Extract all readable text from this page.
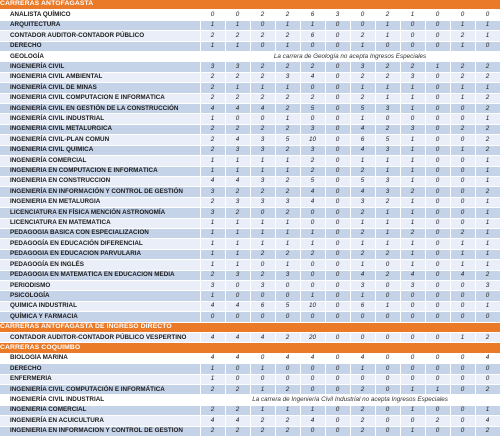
CARRERAS ANTOFAGASTA												
ANALISTA QUÍMICO	0	0	2	2	6	3	0	2	1	0	0	0
ARQUITECTURA	1	1	0	1	1	0	0	1	0	0	1	1
CONTADOR AUDITOR-CONTADOR PÚBLICO	2	2	2	2	6	0	2	1	0	0	2	1
DERECHO	1	1	0	1	0	0	1	0	0	0	1	0
GEOLOGÍA	La carrera de Geología no acepta Ingresos Especiales											
INGENIERÍA CIVIL	3	3	2	2	2	0	3	2	2	1	2	2
INGENIERÍA CIVIL AMBIENTAL	2	2	2	3	4	0	2	2	3	0	2	2
INGENIERÍA CIVIL DE MINAS	2	1	1	1	0	0	1	1	1	0	1	1
INGENIERÍA CIVIL COMPUTACIÓN E INFORMÁTICA	2	2	2	2	2	0	2	1	1	0	1	2
INGENIERÍA CIVIL EN GESTIÓN DE LA CONSTRUCCIÓN	4	4	4	2	5	0	5	3	1	0	0	2
INGENIERÍA CIVIL INDUSTRIAL	1	0	0	1	0	0	1	0	0	0	0	1
INGENIERÍA CIVIL METALÚRGICA	2	2	2	2	3	0	4	2	3	0	2	2
INGENIERÍA CIVIL-PLAN COMUN	2	4	3	5	10	0	6	5	1	0	0	2
INGENIERÍA CIVIL QUÍMICA	2	3	3	2	3	0	4	3	1	0	1	2
INGENIERÍA COMERCIAL	1	1	1	1	2	0	1	1	1	0	0	1
INGENIERÍA EN COMPUTACIÓN E INFORMÁTICA	1	1	1	1	2	0	2	1	1	0	0	1
INGENIERÍA EN CONSTRUCCIÓN	4	4	3	2	5	0	5	3	1	0	0	1
INGENIERÍA EN INFORMACIÓN Y CONTROL DE GESTIÓN	3	2	2	2	4	0	4	3	2	0	0	2
INGENIERÍA EN METALURGIA	2	3	3	3	4	0	3	2	1	0	0	1
LICENCIATURA EN FÍSICA MENCIÓN ASTRONOMÍA	3	2	0	2	0	0	2	1	1	0	0	1
LICENCIATURA EN MATEMÁTICA	1	1	1	1	0	0	1	1	1	0	0	1
PEDAGOGÍA BÁSICA CON ESPECIALIZACIÓN	1	1	1	1	1	0	2	1	2	0	2	1
PEDAGOGÍA EN EDUCACIÓN DIFERENCIAL	1	1	1	1	1	0	1	1	1	0	1	1
PEDAGOGÍA EN EDUCACIÓN PARVULARIA	1	1	2	2	2	0	2	2	1	0	1	1
PEDAGOGÍA EN INGLÉS	1	1	0	1	0	0	1	0	1	0	1	1
PEDAGOGÍA EN MATEMÁTICA EN EDUCACIÓN MEDIA	2	3	2	3	0	0	4	2	4	0	4	2
PERIODISMO	3	0	3	0	0	0	3	0	3	0	0	3
PSICOLOGÍA	1	0	0	0	1	0	1	0	0	0	0	0
QUÍMICA INDUSTRIAL	4	4	6	5	10	0	6	1	0	0	0	1
QUÍMICA Y FARMACIA	0	0	0	0	0	0	0	0	0	0	0	0
CARRERAS ANTOFAGASTA DE INGRESO DIRECTO												
CONTADOR AUDITOR-CONTADOR PÚBLICO VESPERTINO	4	4	4	2	20	0	0	0	0	0	1	2
CARRERAS COQUIMBO												
BIOLOGÍA MARINA	4	4	0	4	4	0	4	0	0	0	0	4
DERECHO	1	0	1	0	0	0	1	0	0	0	0	0
ENFERMERÍA	1	0	0	0	0	0	0	0	0	0	0	0
INGENIERÍA CIVIL COMPUTACIÓN E INFORMÁTICA	2	2	1	2	0	0	2	0	1	1	0	2
INGENIERÍA CIVIL INDUSTRIAL	La carrera de Ingeniería Civil Industrial no acepta Ingresos Especiales											
INGENIERÍA COMERCIAL	2	2	1	1	1	0	2	0	1	0	0	1
INGENIERÍA EN ACUICULTURA	4	4	2	2	4	0	2	0	0	2	0	4
INGENIERÍA EN INFORMACIÓN Y CONTROL DE GESTIÓN	2	2	2	2	0	0	2	0	1	0	0	2
